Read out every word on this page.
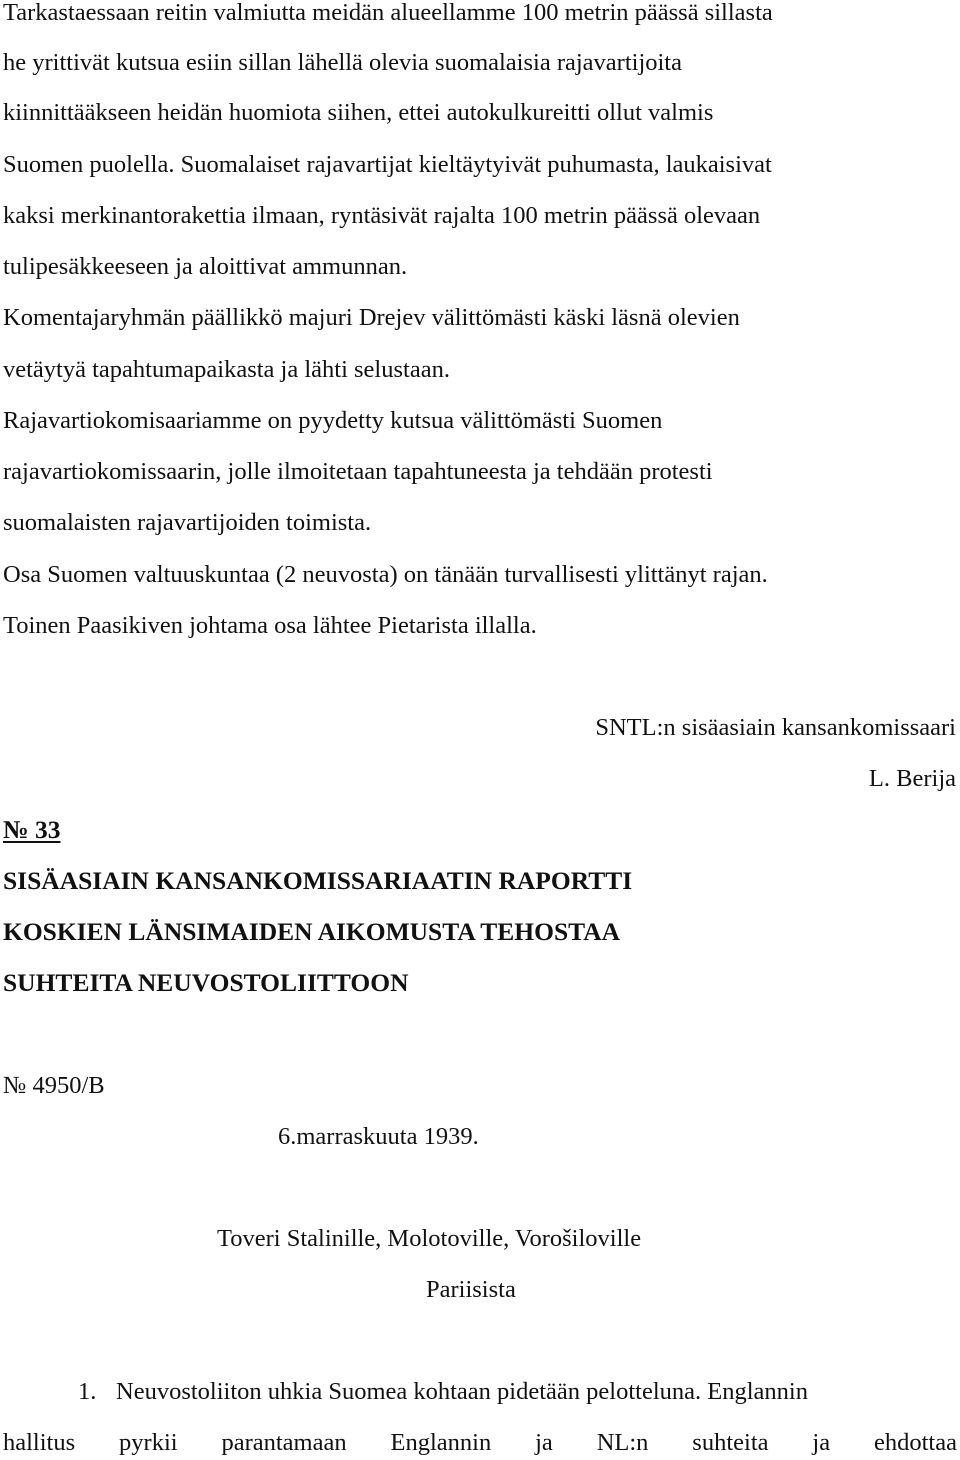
Tarkastaessaan reitin valmiutta meidän alueellamme 100 metrin päässä sillasta
he yrittivät kutsua esiin sillan lähellä olevia suomalaisia rajavartijoita
kiinnittääkseen heidän huomiota siihen, ettei autokulkureitti ollut valmis
Suomen puolella. Suomalaiset rajavartijat kieltäytyivät puhumasta, laukaisivat
kaksi merkinantorakettia ilmaan, ryntäsivät rajalta 100 metrin päässä olevaan
tulipesäkkeeseen ja aloittivat ammunnan.
Komentajaryhmän päällikkö majuri Drejev välittömästi käski läsnä olevien
vetäytyä tapahtumapaikasta ja lähti selustaan.
Rajavartiokomisaariamme on pyydetty kutsua välittömästi Suomen
rajavartiokomissaarin, jolle ilmoitetaan tapahtuneesta ja tehdään protesti
suomalaisten rajavartijoiden toimista.
Osa Suomen valtuuskuntaa (2 neuvosta) on tänään turvallisesti ylittänyt rajan.
Toinen Paasikiven johtama osa lähtee Pietarista illalla.
SNTL:n sisäasiain kansankomissaari
L. Berija
№ 33
SISÄASIAIN KANSANKOMISSARIAATIN RAPORTTI
KOSKIEN LÄNSIMAIDEN AIKOMUSTA TEHOSTAA
SUHTEITA NEUVOSTOLIITTOON
№ 4950/B
6.marraskuuta 1939.
Toveri Stalinille, Molotoville, Vorošiloville
Pariisista
1. Neuvostoliiton uhkia Suomea kohtaan pidetään pelotteluna. Englannin
hallitus pyrkii parantamaan Englannin ja NL:n suhteita ja ehdottaa
